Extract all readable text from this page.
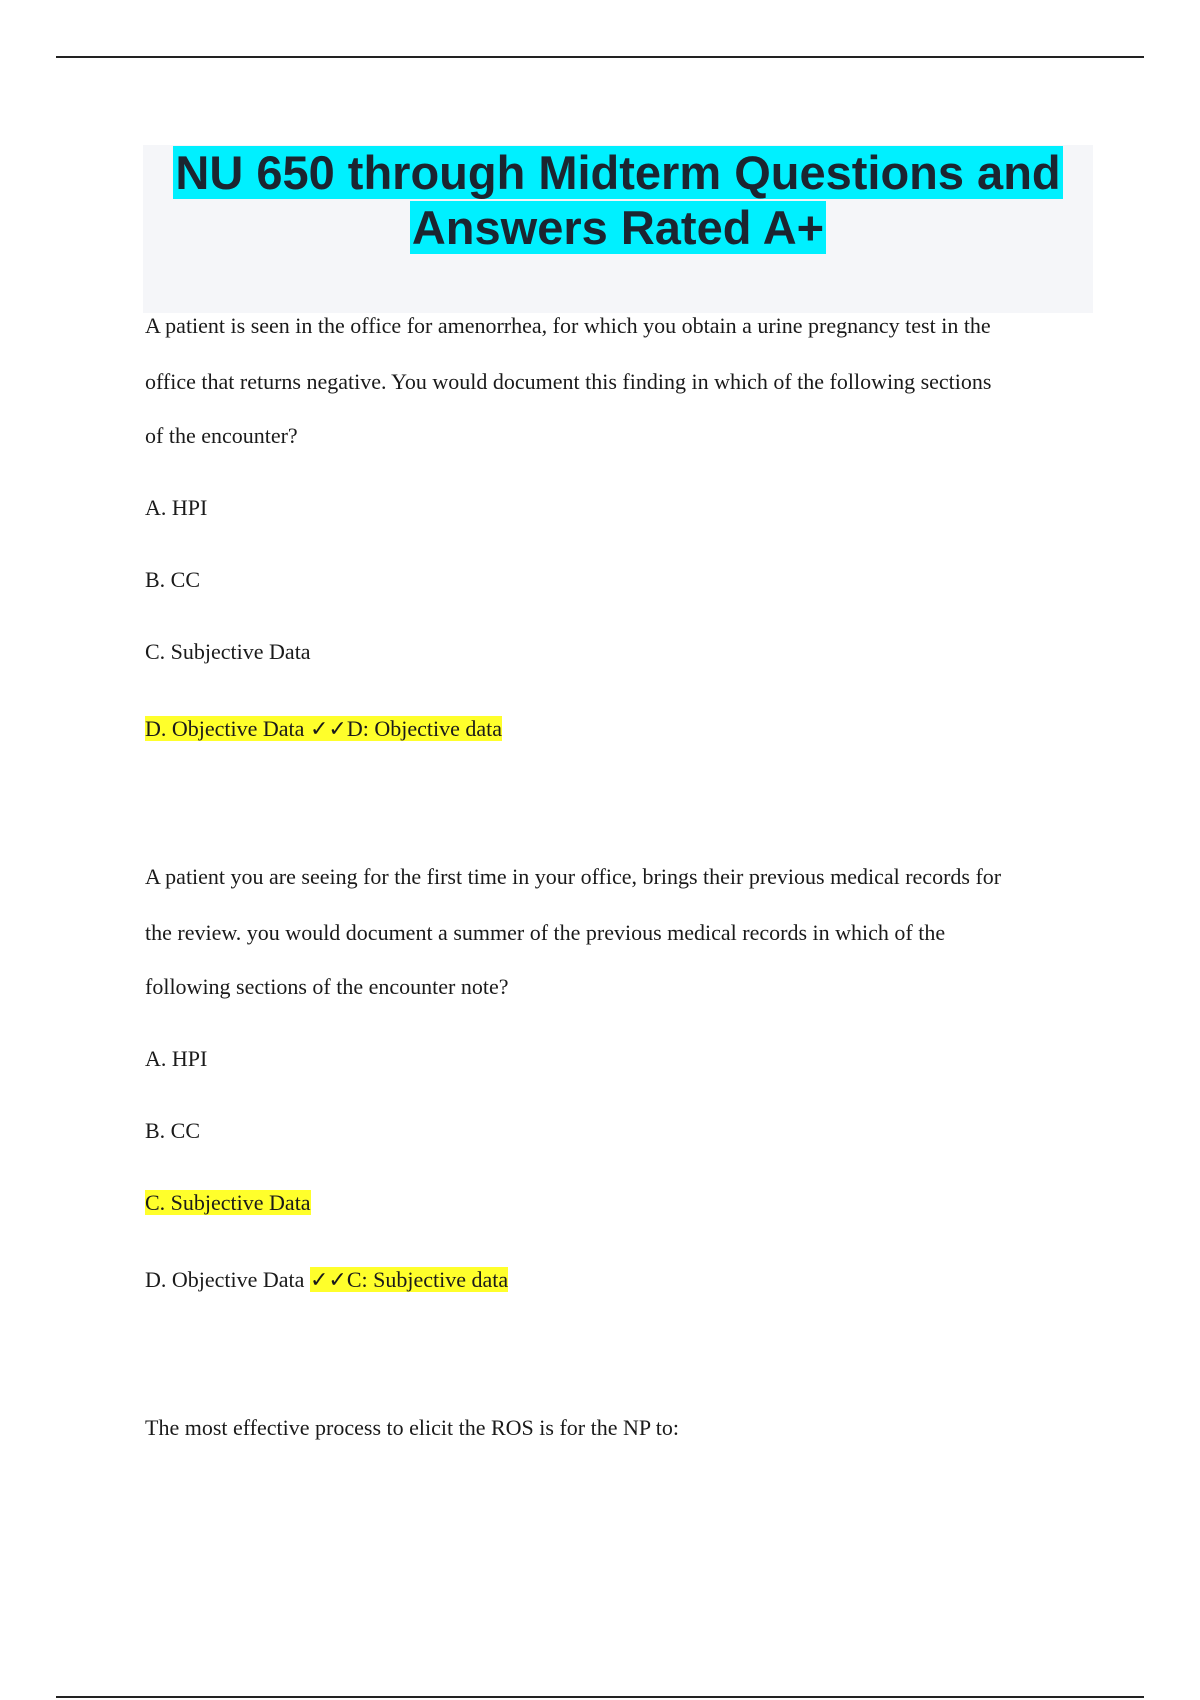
NU 650 through Midterm Questions and
Answers Rated A+
A patient is seen in the office for amenorrhea, for which you obtain a urine pregnancy test in the
office that returns negative. You would document this finding in which of the following sections
of the encounter?
A. HPI
B. CC
C. Subjective Data
D. Objective Data ✓✓D: Objective data
A patient you are seeing for the first time in your office, brings their previous medical records for
the review. you would document a summer of the previous medical records in which of the
following sections of the encounter note?
A. HPI
B. CC
C. Subjective Data
D. Objective Data ✓✓C: Subjective data
The most effective process to elicit the ROS is for the NP to:
